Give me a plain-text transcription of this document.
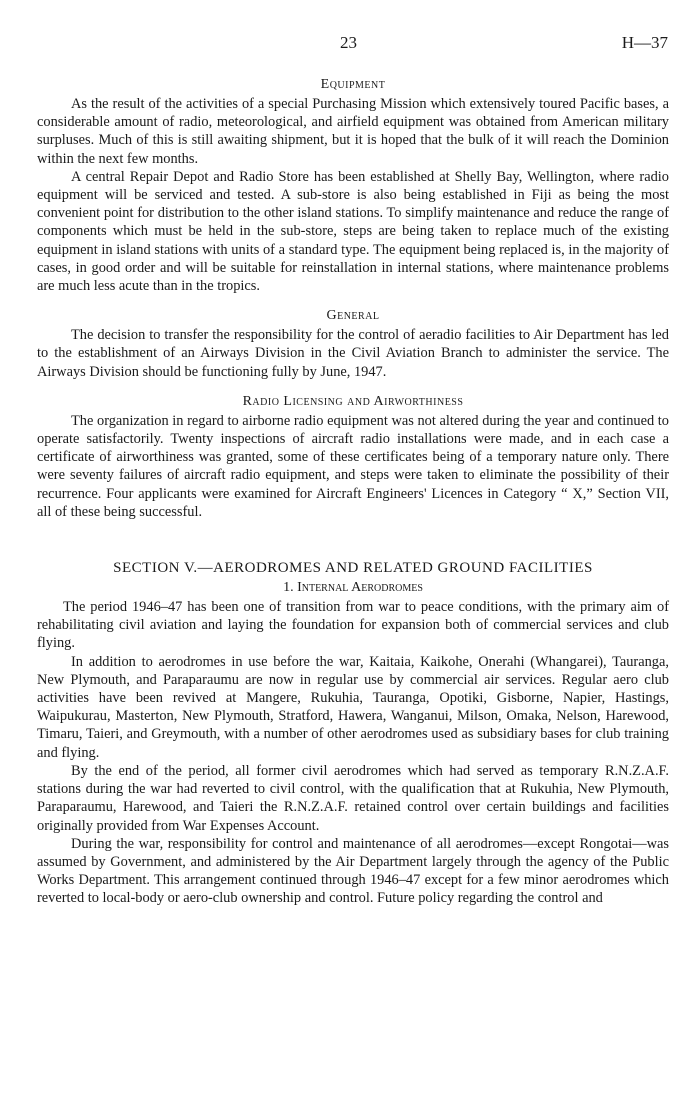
23	H—37
Equipment

As the result of the activities of a special Purchasing Mission which extensively toured Pacific bases, a considerable amount of radio, meteorological, and airfield equipment was obtained from American military surpluses. Much of this is still awaiting shipment, but it is hoped that the bulk of it will reach the Dominion within the next few months.

A central Repair Depot and Radio Store has been established at Shelly Bay, Wellington, where radio equipment will be serviced and tested. A sub-store is also being established in Fiji as being the most convenient point for distribution to the other island stations. To simplify maintenance and reduce the range of components which must be held in the sub-store, steps are being taken to replace much of the existing equipment in island stations with units of a standard type. The equipment being replaced is, in the majority of cases, in good order and will be suitable for reinstallation in internal stations, where maintenance problems are much less acute than in the tropics.

General

The decision to transfer the responsibility for the control of aeradio facilities to Air Department has led to the establishment of an Airways Division in the Civil Aviation Branch to administer the service. The Airways Division should be functioning fully by June, 1947.

Radio Licensing and Airworthiness

The organization in regard to airborne radio equipment was not altered during the year and continued to operate satisfactorily. Twenty inspections of aircraft radio installations were made, and in each case a certificate of airworthiness was granted, some of these certificates being of a temporary nature only. There were seventy failures of aircraft radio equipment, and steps were taken to eliminate the possibility of their recurrence. Four applicants were examined for Aircraft Engineers' Licences in Category “ X,” Section VII, all of these being successful.

SECTION V.—AERODROMES AND RELATED GROUND FACILITIES
1. Internal Aerodromes

The period 1946–47 has been one of transition from war to peace conditions, with the primary aim of rehabilitating civil aviation and laying the foundation for expansion both of commercial services and club flying.

In addition to aerodromes in use before the war, Kaitaia, Kaikohe, Onerahi (Whangarei), Tauranga, New Plymouth, and Paraparaumu are now in regular use by commercial air services. Regular aero club activities have been revived at Mangere, Rukuhia, Tauranga, Opotiki, Gisborne, Napier, Hastings, Waipukurau, Masterton, New Plymouth, Stratford, Hawera, Wanganui, Milson, Omaka, Nelson, Harewood, Timaru, Taieri, and Greymouth, with a number of other aerodromes used as subsidiary bases for club training and flying.

By the end of the period, all former civil aerodromes which had served as temporary R.N.Z.A.F. stations during the war had reverted to civil control, with the qualification that at Rukuhia, New Plymouth, Paraparaumu, Harewood, and Taieri the R.N.Z.A.F. retained control over certain buildings and facilities originally provided from War Expenses Account.

During the war, responsibility for control and maintenance of all aerodromes—except Rongotai—was assumed by Government, and administered by the Air Department largely through the agency of the Public Works Department. This arrangement continued through 1946–47 except for a few minor aerodromes which reverted to local-body or aero-club ownership and control. Future policy regarding the control and
